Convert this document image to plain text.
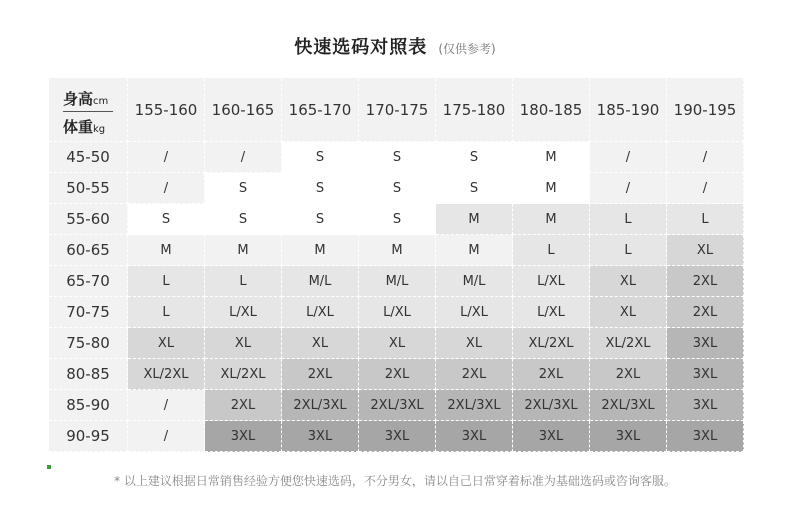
快速选码对照表 (仅供参考)
身高cm
体重kg	155-160	160-165	165-170	170-175	175-180	180-185	185-190	190-195
45-50	/	/	S	S	S	M	/	/
50-55	/	S	S	S	S	M	/	/
55-60	S	S	S	S	M	M	L	L
60-65	M	M	M	M	M	L	L	XL
65-70	L	L	M/L	M/L	M/L	L/XL	XL	2XL
70-75	L	L/XL	L/XL	L/XL	L/XL	L/XL	XL	2XL
75-80	XL	XL	XL	XL	XL	XL/2XL	XL/2XL	3XL
80-85	XL/2XL	XL/2XL	2XL	2XL	2XL	2XL	2XL	3XL
85-90	/	2XL	2XL/3XL	2XL/3XL	2XL/3XL	2XL/3XL	2XL/3XL	3XL
90-95	/	3XL	3XL	3XL	3XL	3XL	3XL	3XL
* 以上建议根据日常销售经验方便您快速选码，不分男女，请以自己日常穿着标准为基础选码或咨询客服。
